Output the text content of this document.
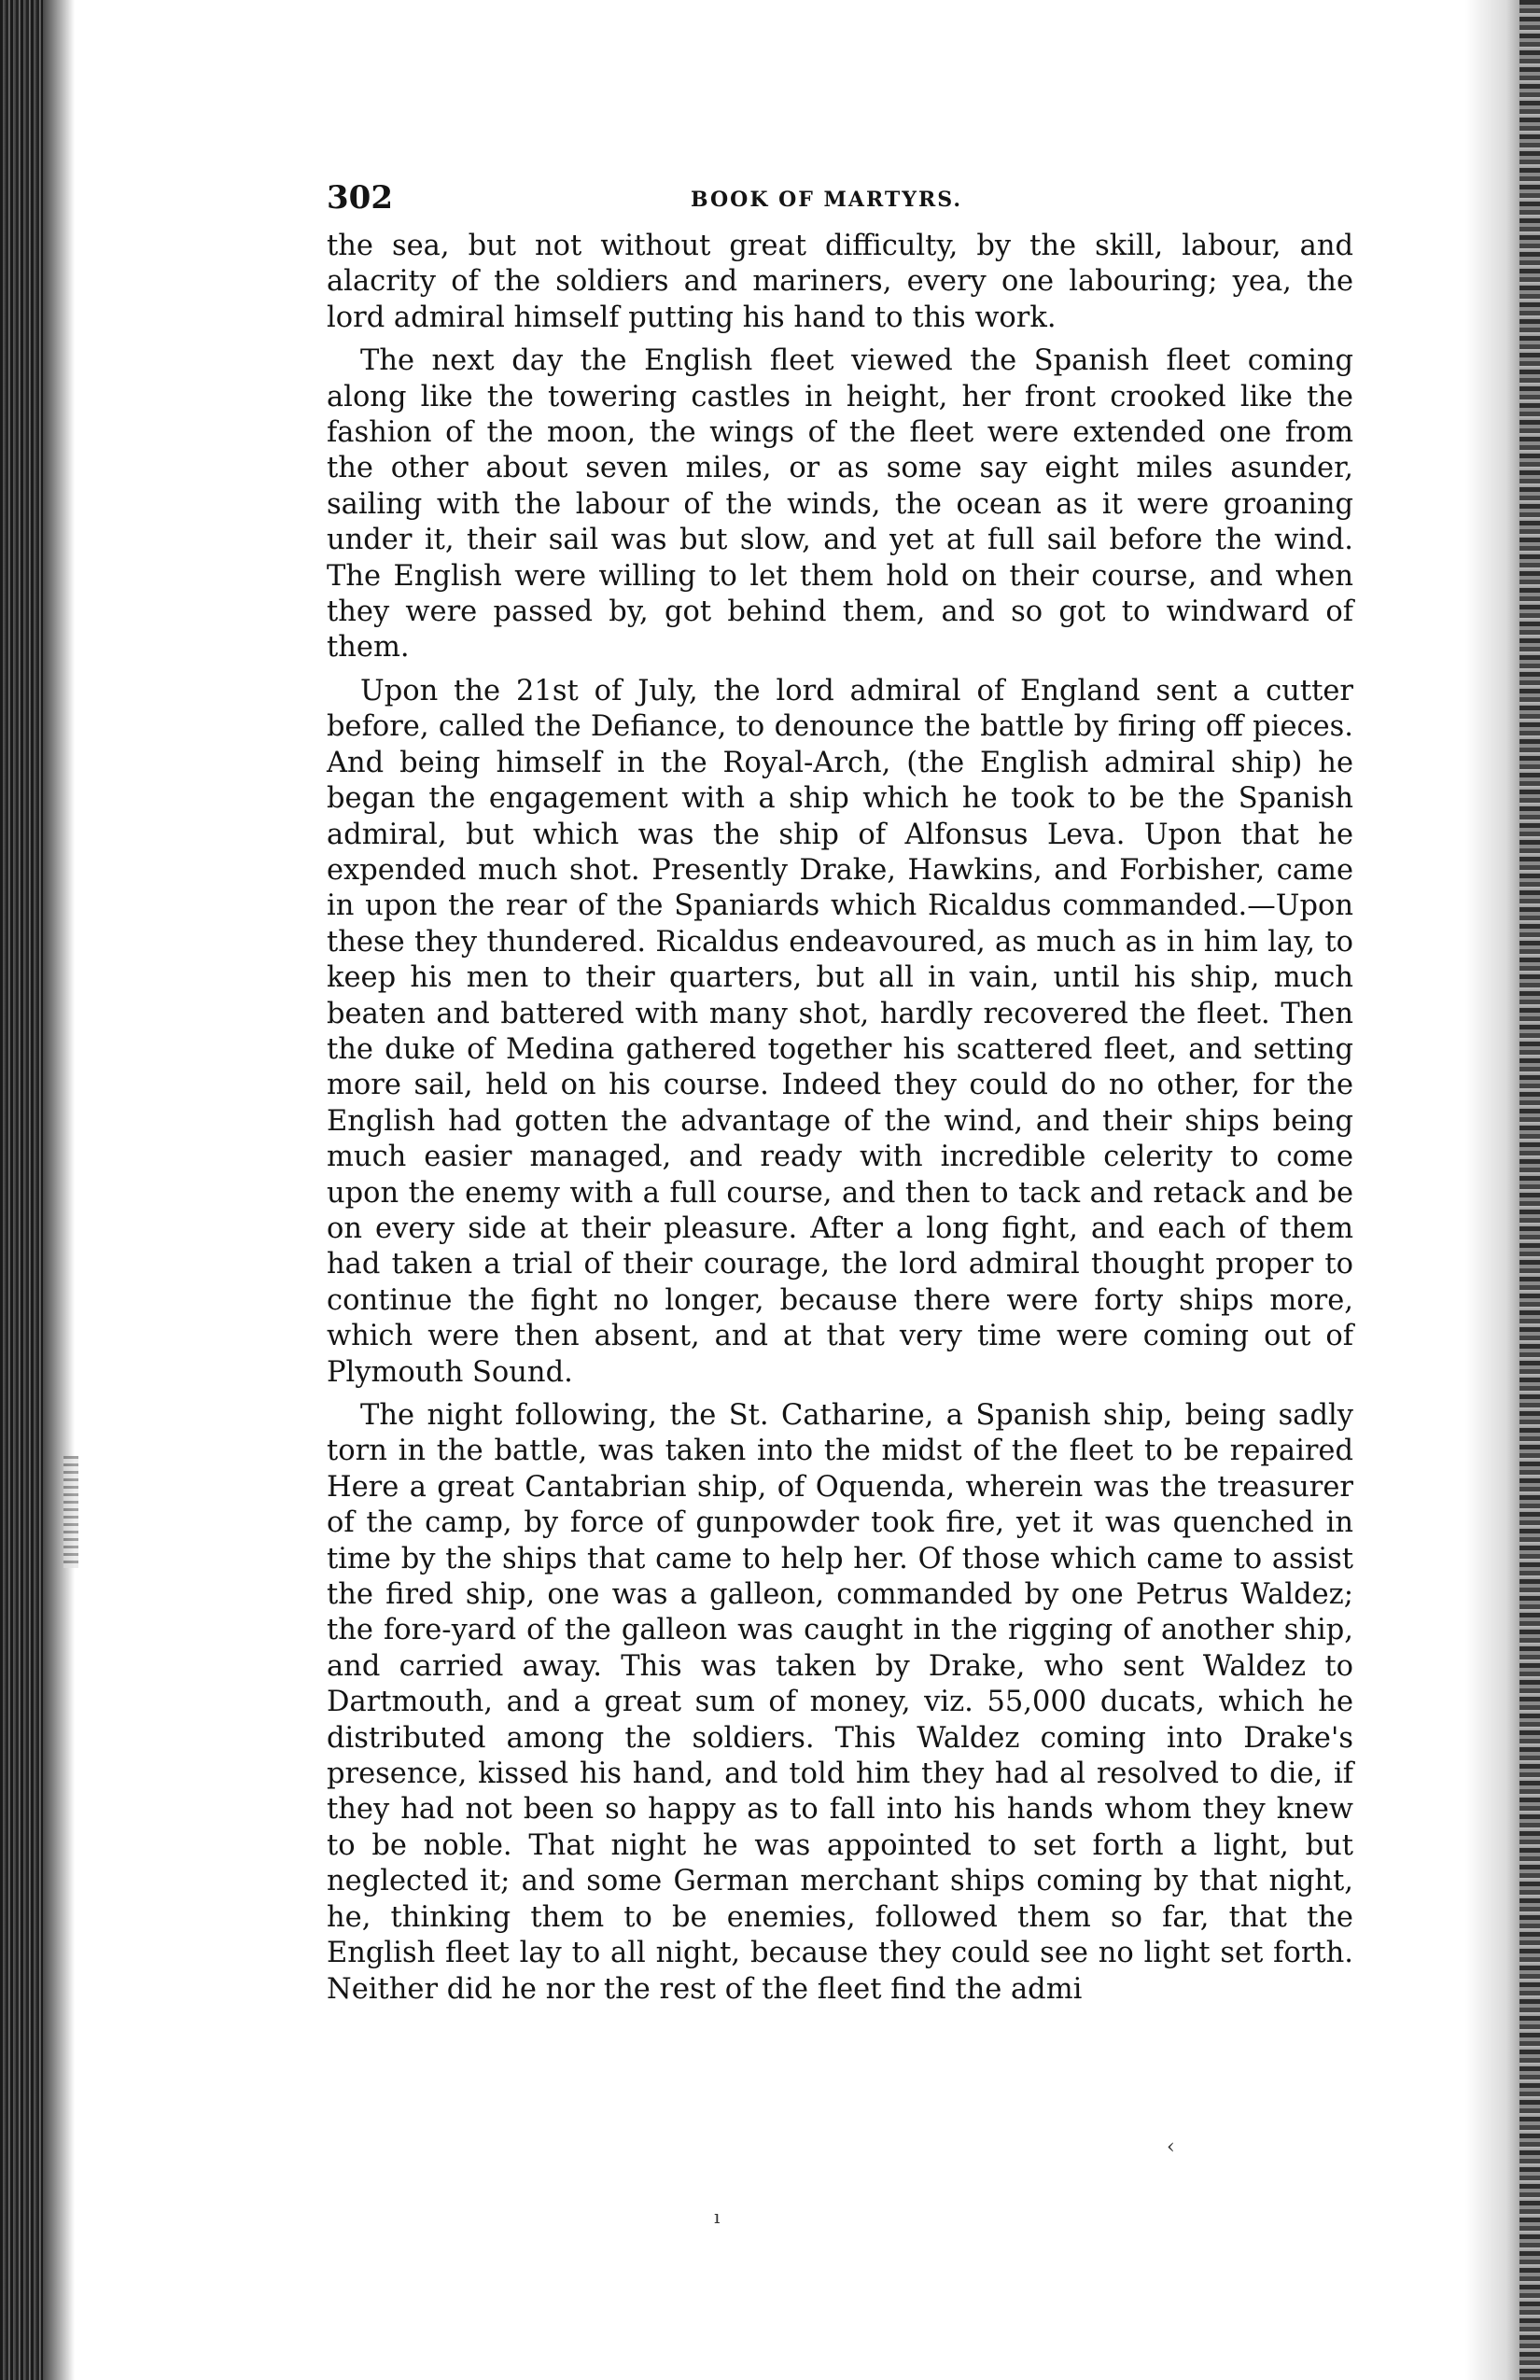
302	BOOK OF MARTYRS.

the sea, but not without great difficulty, by the skill, labour, and alacrity of the soldiers and mariners, every one labouring; yea, the lord admiral himself putting his hand to this work.

The next day the English fleet viewed the Spanish fleet coming along like the towering castles in height, her front crooked like the fashion of the moon, the wings of the fleet were extended one from the other about seven miles, or as some say eight miles asunder, sailing with the labour of the winds, the ocean as it were groaning under it, their sail was but slow, and yet at full sail before the wind. The English were willing to let them hold on their course, and when they were passed by, got behind them, and so got to windward of them.

Upon the 21st of July, the lord admiral of England sent a cutter before, called the Defiance, to denounce the battle by firing off pieces. And being himself in the Royal-Arch, (the English admiral ship) he began the engagement with a ship which he took to be the Spanish admiral, but which was the ship of Alfonsus Leva. Upon that he expended much shot. Presently Drake, Hawkins, and Forbisher, came in upon the rear of the Spaniards which Ricaldus commanded.—Upon these they thundered. Ricaldus endeavoured, as much as in him lay, to keep his men to their quarters, but all in vain, until his ship, much beaten and battered with many shot, hardly recovered the fleet. Then the duke of Medina gathered together his scattered fleet, and setting more sail, held on his course. Indeed they could do no other, for the English had gotten the advantage of the wind, and their ships being much easier managed, and ready with incredible celerity to come upon the enemy with a full course, and then to tack and retack and be on every side at their pleasure. After a long fight, and each of them had taken a trial of their courage, the lord admiral thought proper to continue the fight no longer, because there were forty ships more, which were then absent, and at that very time were coming out of Plymouth Sound.

The night following, the St. Catharine, a Spanish ship, being sadly torn in the battle, was taken into the midst of the fleet to be repaired Here a great Cantabrian ship, of Oquenda, wherein was the treasurer of the camp, by force of gunpowder took fire, yet it was quenched in time by the ships that came to help her. Of those which came to assist the fired ship, one was a galleon, commanded by one Petrus Waldez; the fore-yard of the galleon was caught in the rigging of another ship, and carried away. This was taken by Drake, who sent Waldez to Dartmouth, and a great sum of money, viz. 55,000 ducats, which he distributed among the soldiers. This Waldez coming into Drake's presence, kissed his hand, and told him they had al resolved to die, if they had not been so happy as to fall into his hands whom they knew to be noble. That night he was appointed to set forth a light, but neglected it; and some German merchant ships coming by that night, he, thinking them to be enemies, followed them so far, that the English fleet lay to all night, because they could see no light set forth. Neither did he nor the rest of the fleet find the admi

‹
ı
